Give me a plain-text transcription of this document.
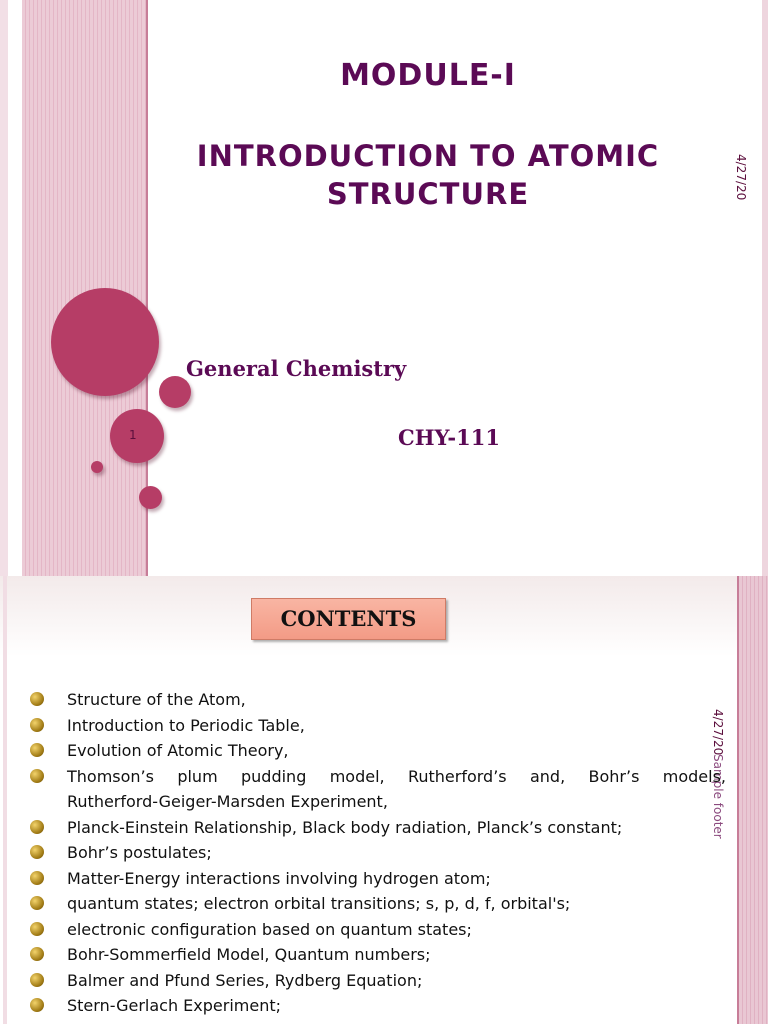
1
MODULE-I
INTRODUCTION TO ATOMIC STRUCTURE	4/27/20
General Chemistry
CHY-111
CONTENTS
4/27/20
Sample footer
Structure of the Atom,
Introduction to Periodic Table,
Evolution of Atomic Theory,
Thomson’s plum pudding model, Rutherford’s and, Bohr’s models,
Rutherford-Geiger-Marsden Experiment,
Planck-Einstein Relationship, Black body radiation, Planck’s constant;
Bohr’s postulates;
Matter-Energy interactions involving hydrogen atom;
quantum states; electron orbital transitions; s, p, d, f, orbital's;
electronic configuration based on quantum states;
Bohr-Sommerfield Model, Quantum numbers;
Balmer and Pfund Series, Rydberg Equation;
Stern-Gerlach Experiment;
